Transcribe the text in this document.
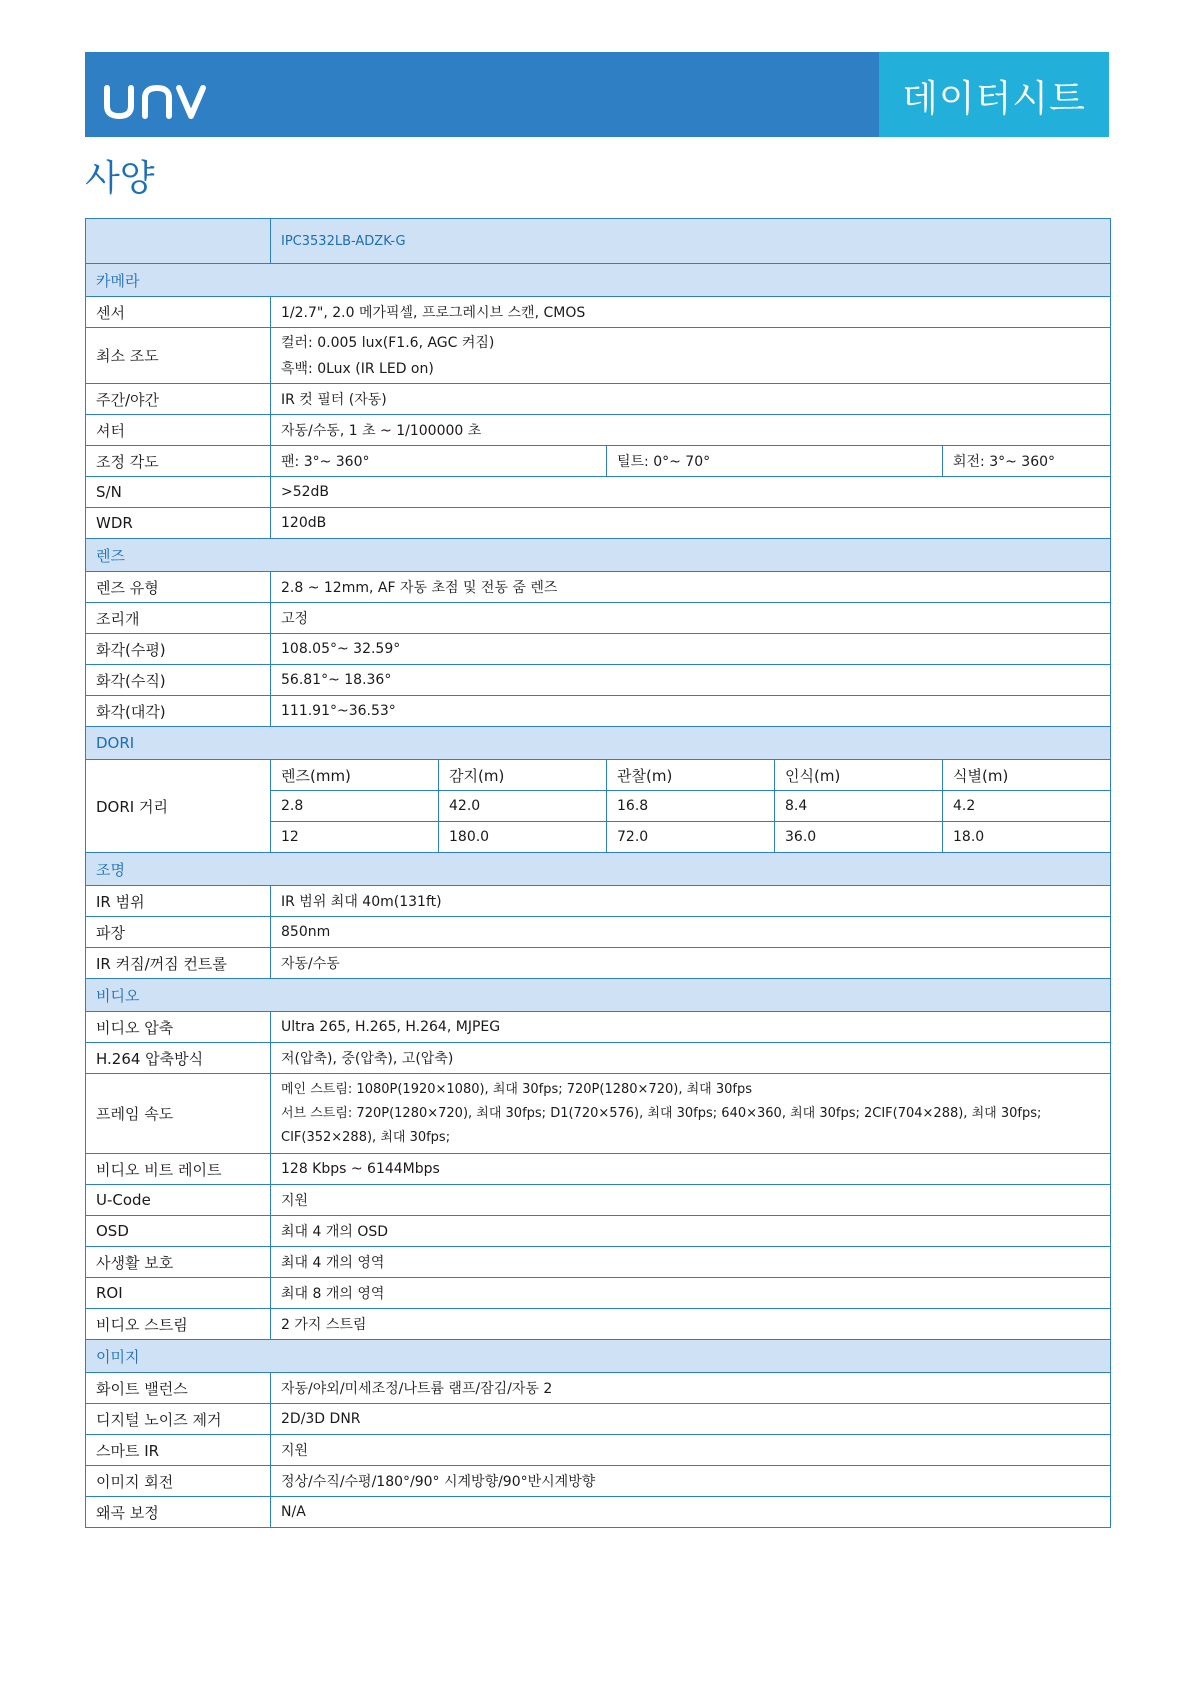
데이터시트
사양
	IPC3532LB-ADZK-G				
카메라					
센서	1/2.7", 2.0 메가픽셀, 프로그레시브 스캔, CMOS				
최소 조도	컬러: 0.005 lux(F1.6, AGC 켜짐)
흑백: 0Lux (IR LED on)				

주간/야간	IR 컷 필터 (자동)				
셔터	자동/수동, 1 초 ~ 1/100000 초				
조정 각도	팬: 3°~ 360°		틸트: 0°~ 70°		회전: 3°~ 360°
S/N	>52dB				
WDR	120dB				
렌즈					
렌즈 유형	2.8 ~ 12mm, AF 자동 초점 및 전동 줌 렌즈				
조리개	고정				
화각(수평)	108.05°~ 32.59°				
화각(수직)	56.81°~ 18.36°				
화각(대각)	111.91°~36.53°				
DORI					
DORI 거리	렌즈(mm)	감지(m)	관찰(m)	인식(m)	식별(m)
	2.8	42.0	16.8	8.4	4.2
	12	180.0	72.0	36.0	18.0
조명					
IR 범위	IR 범위 최대 40m(131ft)				
파장	850nm				
IR 켜짐/꺼짐 컨트롤	자동/수동				
비디오					
비디오 압축	Ultra 265, H.265, H.264, MJPEG				
H.264 압축방식	저(압축), 중(압축), 고(압축)				
프레임 속도	메인 스트림: 1080P(1920×1080), 최대 30fps; 720P(1280×720), 최대 30fps
서브 스트림: 720P(1280×720), 최대 30fps; D1(720×576), 최대 30fps; 640×360, 최대 30fps; 2CIF(704×288), 최대 30fps; CIF(352×288), 최대 30fps;				

비디오 비트 레이트	128 Kbps ~ 6144Mbps				
U-Code	지원				
OSD	최대 4 개의 OSD				
사생활 보호	최대 4 개의 영역				
ROI	최대 8 개의 영역				
비디오 스트림	2 가지 스트림				
이미지					
화이트 밸런스	자동/야외/미세조정/나트륨 램프/잠김/자동 2				
디지털 노이즈 제거	2D/3D DNR				
스마트 IR	지원				
이미지 회전	정상/수직/수평/180°/90° 시계방향/90°반시계방향				
왜곡 보정	N/A				
